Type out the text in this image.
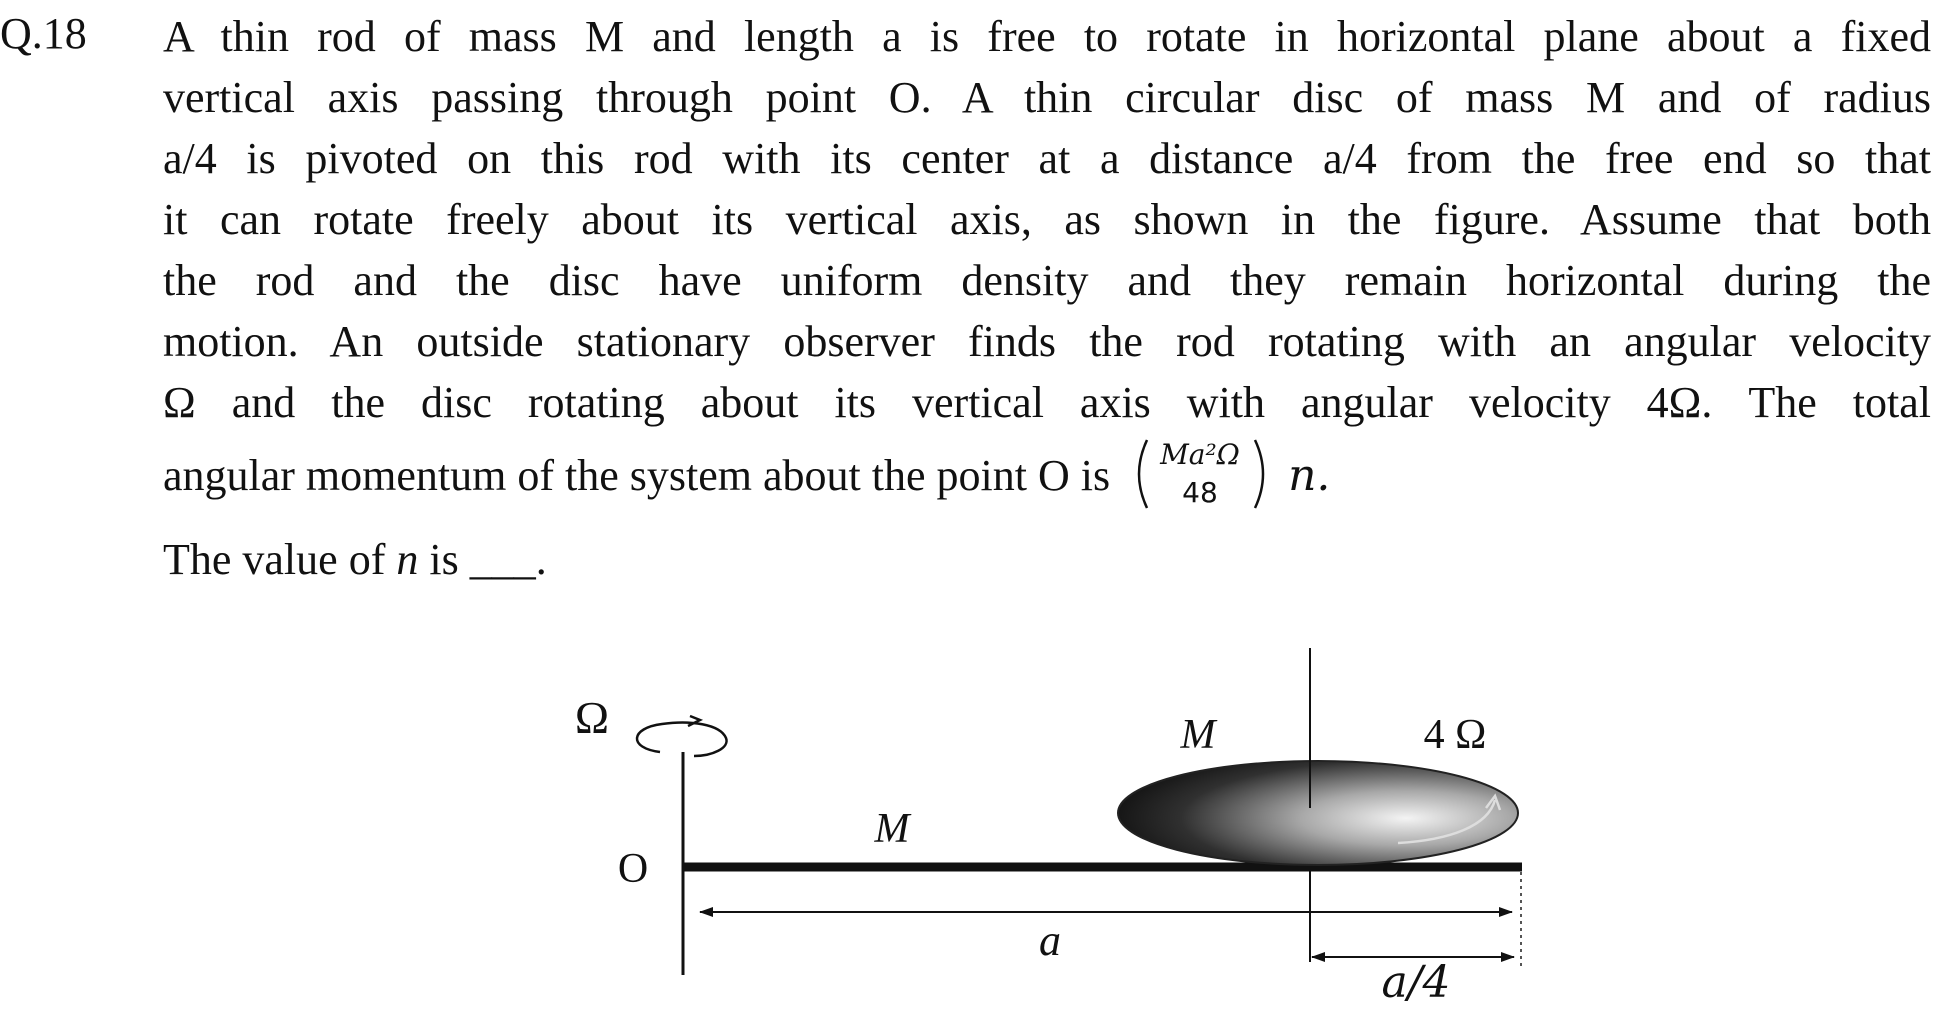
Q.18 A thin rod of mass M and length a is free to rotate in horizontal plane about a fixed
vertical axis passing through point O. A thin circular disc of mass M and of radius
a/4 is pivoted on this rod with its center at a distance a/4 from the free end so that
it can rotate freely about its vertical axis, as shown in the figure. Assume that both
the rod and the disc have uniform density and they remain horizontal during the
motion. An outside stationary observer finds the rod rotating with an angular velocity
Ω and the disc rotating about its vertical axis with angular velocity 4Ω. The total
angular momentum of the system about the point O is Ma²Ω
48 n.
The value of n is ___.
Ω
O
M
M	4 Ω
a
a/4
